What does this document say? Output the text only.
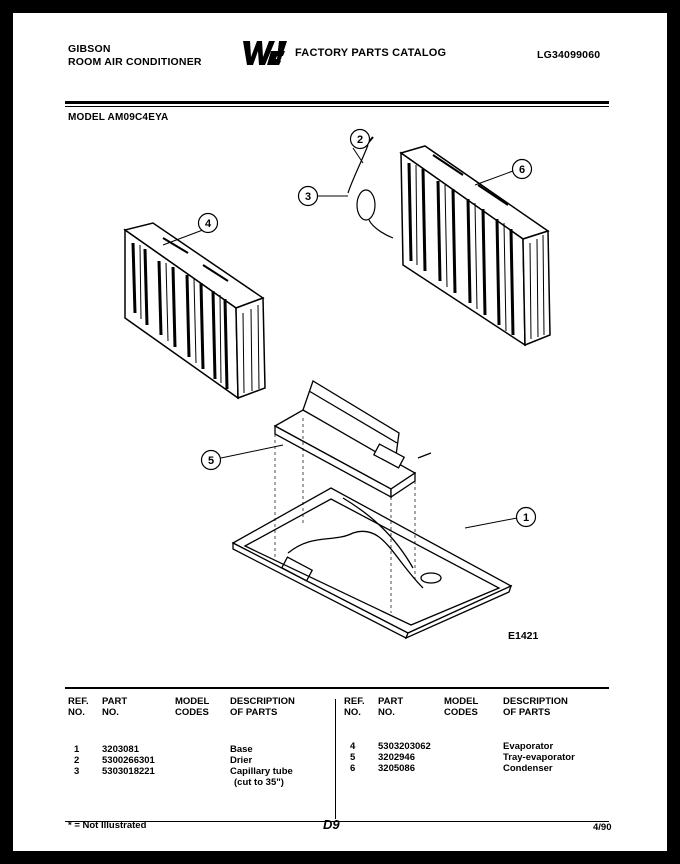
GIBSON
ROOM AIR CONDITIONER
FACTORY PARTS CATALOG	LG34099060
MODEL AM09C4EYA
4
2
3
6
5
1
E1421
REF.
NO.
PART
NO.
MODEL
CODES
DESCRIPTION
OF PARTS
REF.
NO.
PART
NO.
MODEL
CODES
DESCRIPTION
OF PARTS
1 3203081	Base
2 5300266301	Drier
3 5303018221	Capillary tube
(cut to 35")
4 5303203062	Evaporator
5 3202946	Tray-evaporator
6 3205086	Condenser
* = Not Illustrated	D9	4/90
